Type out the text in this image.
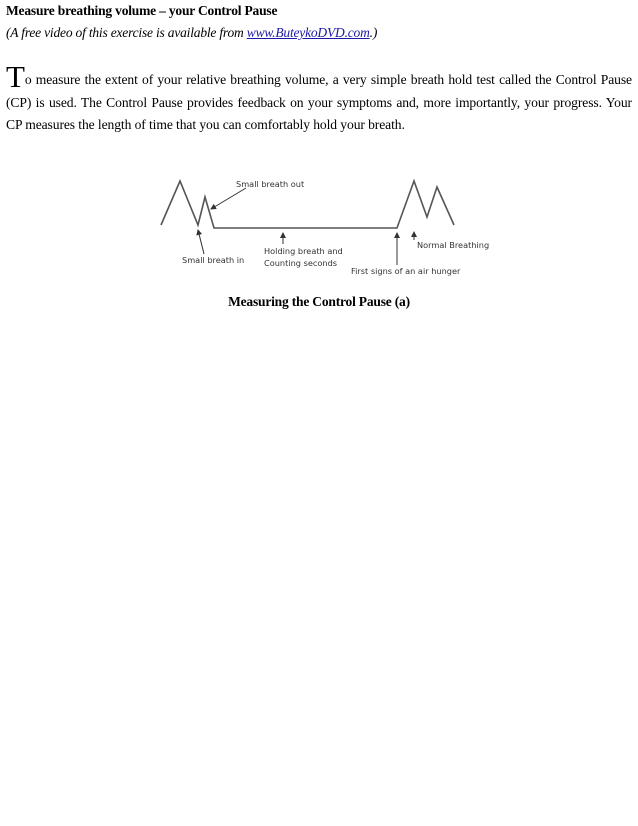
Measure breathing volume – your Control Pause
(A free video of this exercise is available from www.ButeykoDVD.com.)

To measure the extent of your relative breathing volume, a very simple breath hold test called the Control Pause (CP) is used. The Control Pause provides feedback on your symptoms and, more importantly, your progress. Your CP measures the length of time that you can comfortably hold your breath.

Small breath out
Small breath in
Holding breath and
Counting seconds
First signs of an air hunger
Normal Breathing
Measuring the Control Pause (a)
